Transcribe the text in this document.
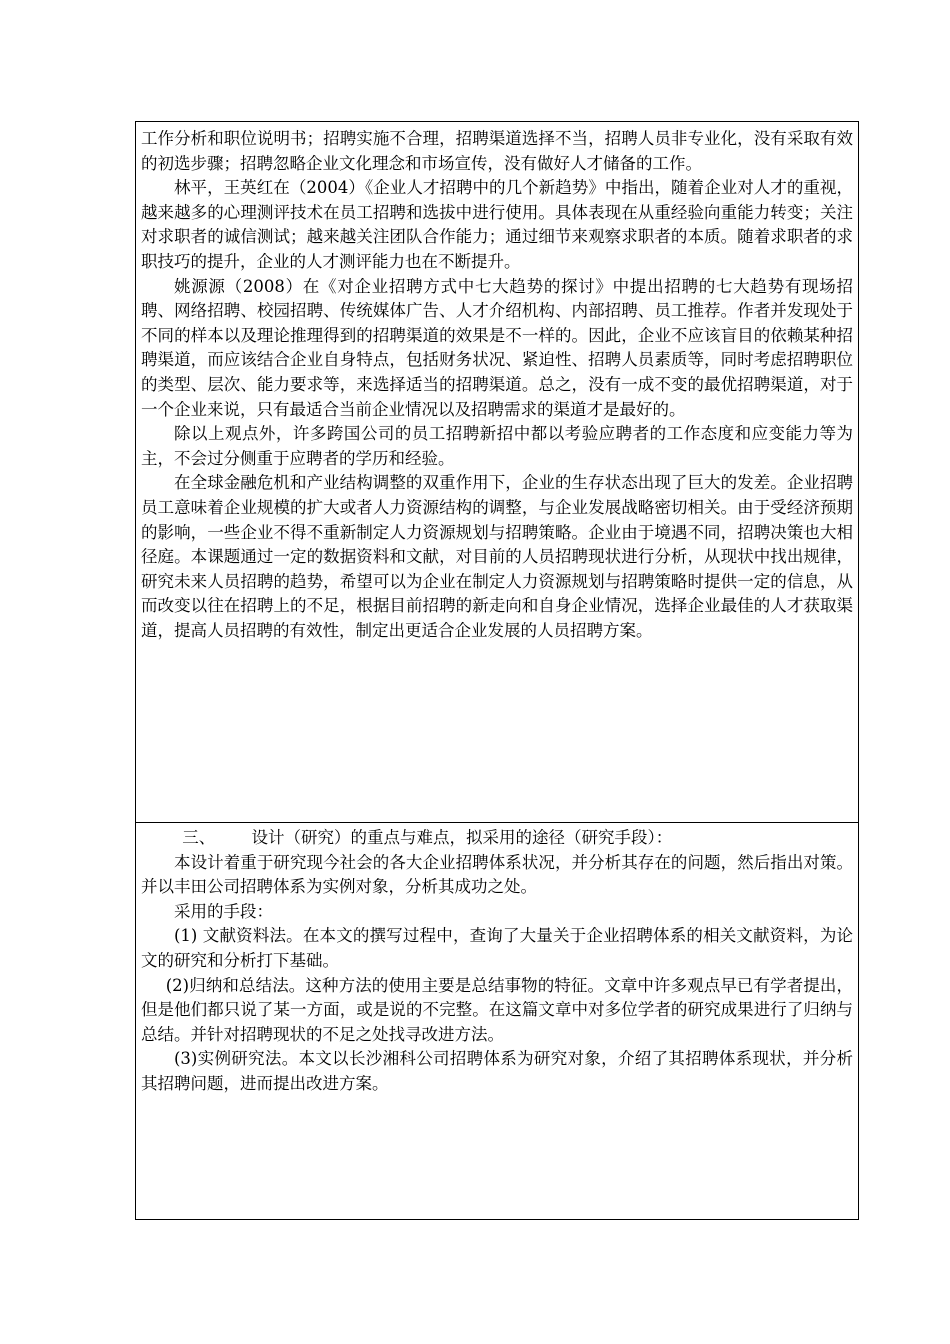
工作分析和职位说明书；招聘实施不合理，招聘渠道选择不当，招聘人员非专业化，没有采取有效的初选步骤；招聘忽略企业文化理念和市场宣传，没有做好人才储备的工作。

林平，王英红在（2004）《企业人才招聘中的几个新趋势》中指出，随着企业对人才的重视，越来越多的心理测评技术在员工招聘和选拔中进行使用。具体表现在从重经验向重能力转变；关注对求职者的诚信测试；越来越关注团队合作能力；通过细节来观察求职者的本质。随着求职者的求职技巧的提升，企业的人才测评能力也在不断提升。

姚源源（2008）在《对企业招聘方式中七大趋势的探讨》中提出招聘的七大趋势有现场招聘、网络招聘、校园招聘、传统媒体广告、人才介绍机构、内部招聘、员工推荐。作者并发现处于不同的样本以及理论推理得到的招聘渠道的效果是不一样的。因此，企业不应该盲目的依赖某种招聘渠道，而应该结合企业自身特点，包括财务状况、紧迫性、招聘人员素质等，同时考虑招聘职位的类型、层次、能力要求等，来选择适当的招聘渠道。总之，没有一成不变的最优招聘渠道，对于一个企业来说，只有最适合当前企业情况以及招聘需求的渠道才是最好的。

除以上观点外，许多跨国公司的员工招聘新招中都以考验应聘者的工作态度和应变能力等为主，不会过分侧重于应聘者的学历和经验。

在全球金融危机和产业结构调整的双重作用下，企业的生存状态出现了巨大的发差。企业招聘员工意味着企业规模的扩大或者人力资源结构的调整，与企业发展战略密切相关。由于受经济预期的影响，一些企业不得不重新制定人力资源规划与招聘策略。企业由于境遇不同，招聘决策也大相径庭。本课题通过一定的数据资料和文献，对目前的人员招聘现状进行分析，从现状中找出规律，研究未来人员招聘的趋势，希望可以为企业在制定人力资源规划与招聘策略时提供一定的信息，从而改变以往在招聘上的不足，根据目前招聘的新走向和自身企业情况，选择企业最佳的人才获取渠道，提高人员招聘的有效性，制定出更适合企业发展的人员招聘方案。

三、 设计（研究）的重点与难点，拟采用的途径（研究手段）：

本设计着重于研究现今社会的各大企业招聘体系状况，并分析其存在的问题，然后指出对策。并以丰田公司招聘体系为实例对象，分析其成功之处。

采用的手段：

(1) 文献资料法。在本文的撰写过程中，查询了大量关于企业招聘体系的相关文献资料，为论文的研究和分析打下基础。

(2)归纳和总结法。这种方法的使用主要是总结事物的特征。文章中许多观点早已有学者提出，但是他们都只说了某一方面，或是说的不完整。在这篇文章中对多位学者的研究成果进行了归纳与总结。并针对招聘现状的不足之处找寻改进方法。

(3)实例研究法。本文以长沙湘科公司招聘体系为研究对象，介绍了其招聘体系现状，并分析其招聘问题，进而提出改进方案。
